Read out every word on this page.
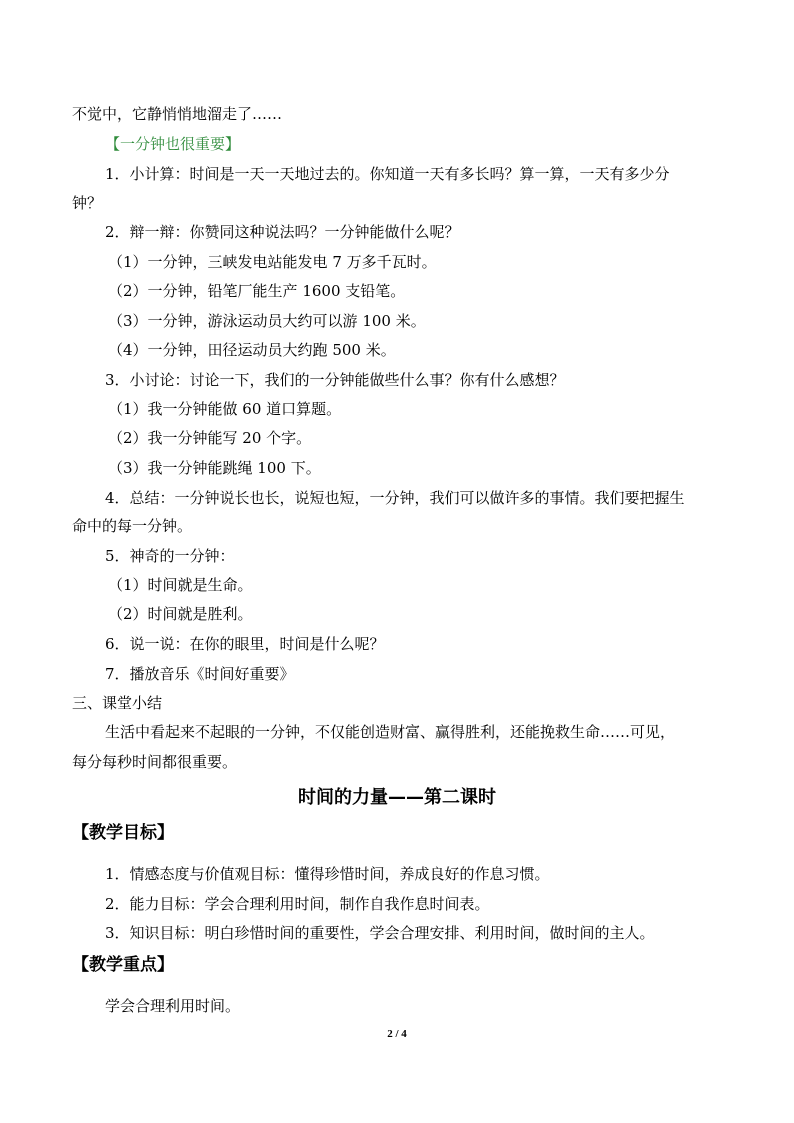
不觉中，它静悄悄地溜走了……
【一分钟也很重要】
1．小计算：时间是一天一天地过去的。你知道一天有多长吗？算一算，一天有多少分
钟？
2．辩一辩：你赞同这种说法吗？一分钟能做什么呢？
（1）一分钟，三峡发电站能发电 7 万多千瓦时。
（2）一分钟，铅笔厂能生产 1600 支铅笔。
（3）一分钟，游泳运动员大约可以游 100 米。
（4）一分钟，田径运动员大约跑 500 米。
3．小讨论：讨论一下，我们的一分钟能做些什么事？你有什么感想？
（1）我一分钟能做 60 道口算题。
（2）我一分钟能写 20 个字。
（3）我一分钟能跳绳 100 下。
4．总结：一分钟说长也长，说短也短，一分钟，我们可以做许多的事情。我们要把握生
命中的每一分钟。
5．神奇的一分钟：
（1）时间就是生命。
（2）时间就是胜利。
6．说一说：在你的眼里，时间是什么呢？
7．播放音乐《时间好重要》
三、课堂小结
生活中看起来不起眼的一分钟，不仅能创造财富、赢得胜利，还能挽救生命……可见，
每分每秒时间都很重要。
时间的力量——第二课时
【教学目标】
1．情感态度与价值观目标：懂得珍惜时间，养成良好的作息习惯。
2．能力目标：学会合理利用时间，制作自我作息时间表。
3．知识目标：明白珍惜时间的重要性，学会合理安排、利用时间，做时间的主人。
【教学重点】
学会合理利用时间。
2 / 4
